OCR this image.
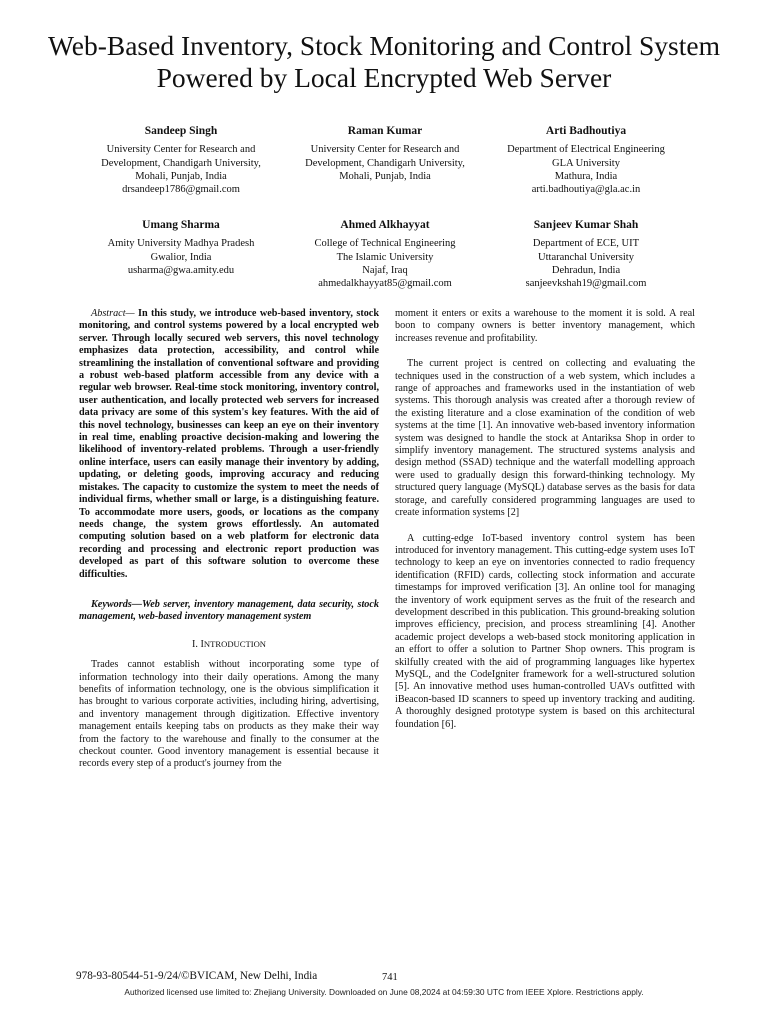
Web-Based Inventory, Stock Monitoring and Control System Powered by Local Encrypted Web Server
Sandeep Singh
University Center for Research and
Development, Chandigarh University,
Mohali, Punjab, India
drsandeep1786@gmail.com
Raman Kumar
University Center for Research and
Development, Chandigarh University,
Mohali, Punjab, India
Arti Badhoutiya
Department of Electrical Engineering
GLA University
Mathura, India
arti.badhoutiya@gla.ac.in
Umang Sharma
Amity University Madhya Pradesh
Gwalior, India
usharma@gwa.amity.edu
Ahmed Alkhayyat
College of Technical Engineering
The Islamic University
Najaf, Iraq
ahmedalkhayyat85@gmail.com
Sanjeev Kumar Shah
Department of ECE, UIT
Uttaranchal University
Dehradun, India
sanjeevkshah19@gmail.com

Abstract— In this study, we introduce web-based inventory, stock monitoring, and control systems powered by a local encrypted web server. Through locally secured web servers, this novel technology emphasizes data protection, accessibility, and control while streamlining the installation of conventional software and providing a robust web-based platform accessible from any device with a regular web browser. Real-time stock monitoring, inventory control, user authentication, and locally protected web servers for increased data privacy are some of this system's key features. With the aid of this novel technology, businesses can keep an eye on their inventory in real time, enabling proactive decision-making and lowering the likelihood of inventory-related problems. Through a user-friendly online interface, users can easily manage their inventory by adding, updating, or deleting goods, improving accuracy and reducing mistakes. The capacity to customize the system to meet the needs of individual firms, whether small or large, is a distinguishing feature. To accommodate more users, goods, or locations as the company needs change, the system grows effortlessly. An automated computing solution based on a web platform for electronic data recording and processing and electronic report production was developed as part of this software solution to overcome these difficulties.

Keywords—Web server, inventory management, data security, stock management, web-based inventory management system

I. INTRODUCTION

Trades cannot establish without incorporating some type of information technology into their daily operations. Among the many benefits of information technology, one is the obvious simplification it has brought to various corporate activities, including hiring, advertising, and inventory management through digitization. Effective inventory management entails keeping tabs on products as they make their way from the factory to the warehouse and finally to the consumer at the checkout counter. Good inventory management is essential because it records every step of a product's journey from the

moment it enters or exits a warehouse to the moment it is sold. A real boon to company owners is better inventory management, which increases revenue and profitability.

The current project is centred on collecting and evaluating the techniques used in the construction of a web system, which includes a range of approaches and frameworks used in the instantiation of web systems. This thorough analysis was created after a thorough review of the existing literature and a close examination of the condition of web systems at the time [1]. An innovative web-based inventory information system was designed to handle the stock at Antariksa Shop in order to simplify inventory management. The structured systems analysis and design method (SSAD) technique and the waterfall modelling approach were used to gradually design this forward-thinking technology. My structured query language (MySQL) database serves as the basis for data storage, and carefully considered programming languages are used to create information systems [2]

A cutting-edge IoT-based inventory control system has been introduced for inventory management. This cutting-edge system uses IoT technology to keep an eye on inventories connected to radio frequency identification (RFID) cards, collecting stock information and accurate timestamps for improved verification [3]. An online tool for managing the inventory of work equipment serves as the fruit of the research and development described in this publication. This ground-breaking solution improves efficiency, precision, and process streamlining [4]. Another academic project develops a web-based stock monitoring application in an effort to offer a solution to Partner Shop owners. This program is skilfully created with the aid of programming languages like hypertex MySQL, and the CodeIgniter framework for a well-structured solution [5]. An innovative method uses human-controlled UAVs outfitted with iBeacon-based ID scanners to speed up inventory tracking and auditing. A thoroughly designed prototype system is based on this architectural foundation [6].

978-93-80544-51-9/24/©BVICAM, New Delhi, India	741
Authorized licensed use limited to: Zhejiang University. Downloaded on June 08,2024 at 04:59:30 UTC from IEEE Xplore. Restrictions apply.
